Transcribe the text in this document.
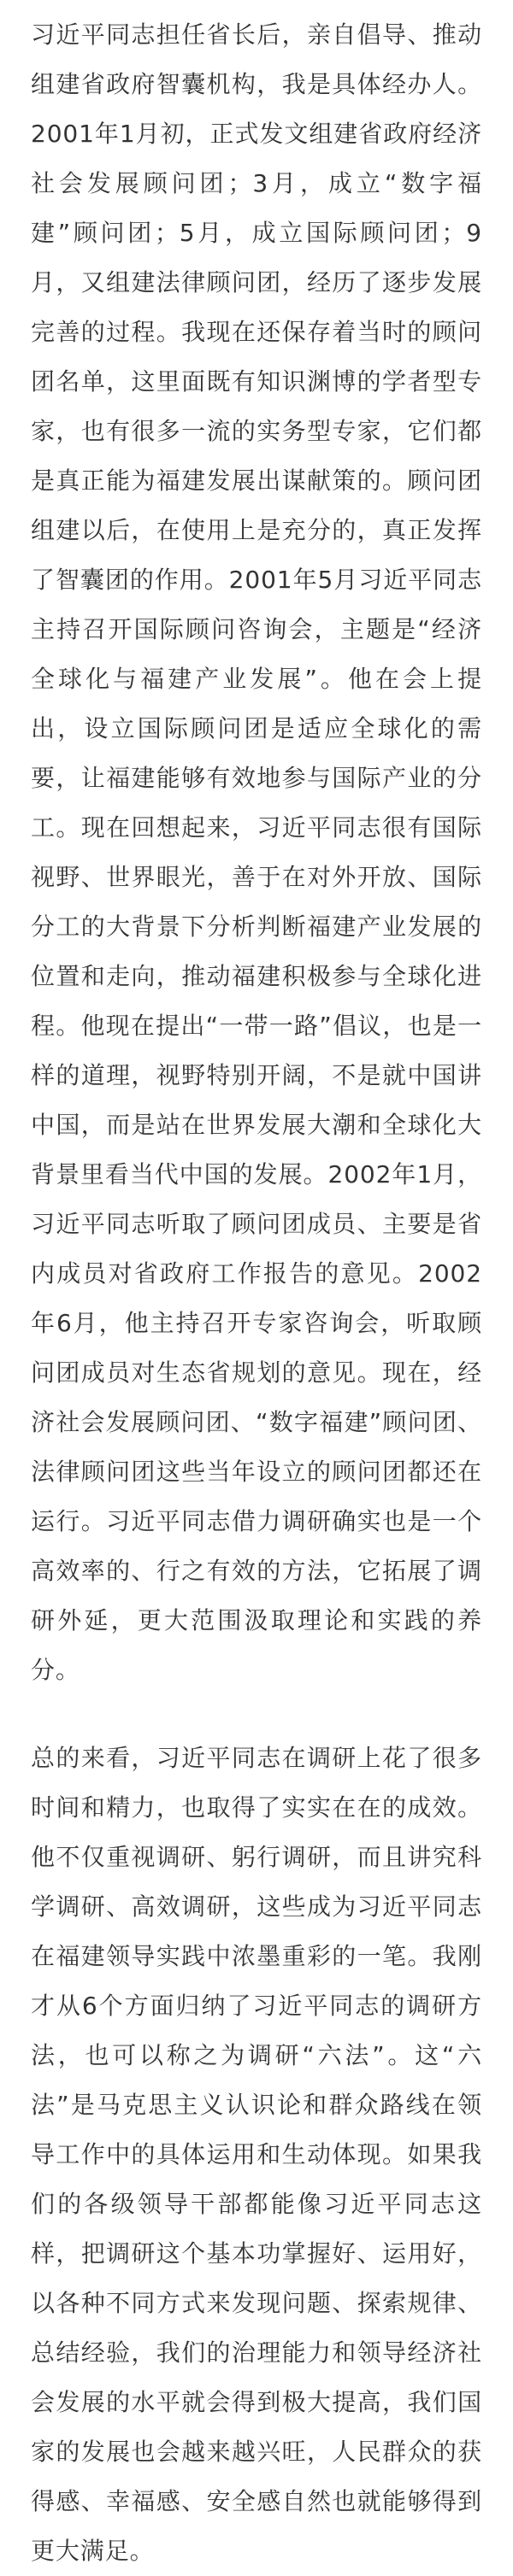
习近平同志担任省长后，亲自倡导、推动组建省政府智囊机构，我是具体经办人。2001年1月初，正式发文组建省政府经济社会发展顾问团；3月，成立“数字福建”顾问团；5月，成立国际顾问团；9月，又组建法律顾问团，经历了逐步发展完善的过程。我现在还保存着当时的顾问团名单，这里面既有知识渊博的学者型专家，也有很多一流的实务型专家，它们都是真正能为福建发展出谋献策的。顾问团组建以后，在使用上是充分的，真正发挥了智囊团的作用。2001年5月习近平同志主持召开国际顾问咨询会，主题是“经济全球化与福建产业发展”。他在会上提出，设立国际顾问团是适应全球化的需要，让福建能够有效地参与国际产业的分工。现在回想起来，习近平同志很有国际视野、世界眼光，善于在对外开放、国际分工的大背景下分析判断福建产业发展的位置和走向，推动福建积极参与全球化进程。他现在提出“一带一路”倡议，也是一样的道理，视野特别开阔，不是就中国讲中国，而是站在世界发展大潮和全球化大背景里看当代中国的发展。2002年1月，习近平同志听取了顾问团成员、主要是省内成员对省政府工作报告的意见。2002年6月，他主持召开专家咨询会，听取顾问团成员对生态省规划的意见。现在，经济社会发展顾问团、“数字福建”顾问团、法律顾问团这些当年设立的顾问团都还在运行。习近平同志借力调研确实也是一个高效率的、行之有效的方法，它拓展了调研外延，更大范围汲取理论和实践的养分。

总的来看，习近平同志在调研上花了很多时间和精力，也取得了实实在在的成效。他不仅重视调研、躬行调研，而且讲究科学调研、高效调研，这些成为习近平同志在福建领导实践中浓墨重彩的一笔。我刚才从6个方面归纳了习近平同志的调研方法，也可以称之为调研“六法”。这“六法”是马克思主义认识论和群众路线在领导工作中的具体运用和生动体现。如果我们的各级领导干部都能像习近平同志这样，把调研这个基本功掌握好、运用好，以各种不同方式来发现问题、探索规律、总结经验，我们的治理能力和领导经济社会发展的水平就会得到极大提高，我们国家的发展也会越来越兴旺，人民群众的获得感、幸福感、安全感自然也就能够得到更大满足。
